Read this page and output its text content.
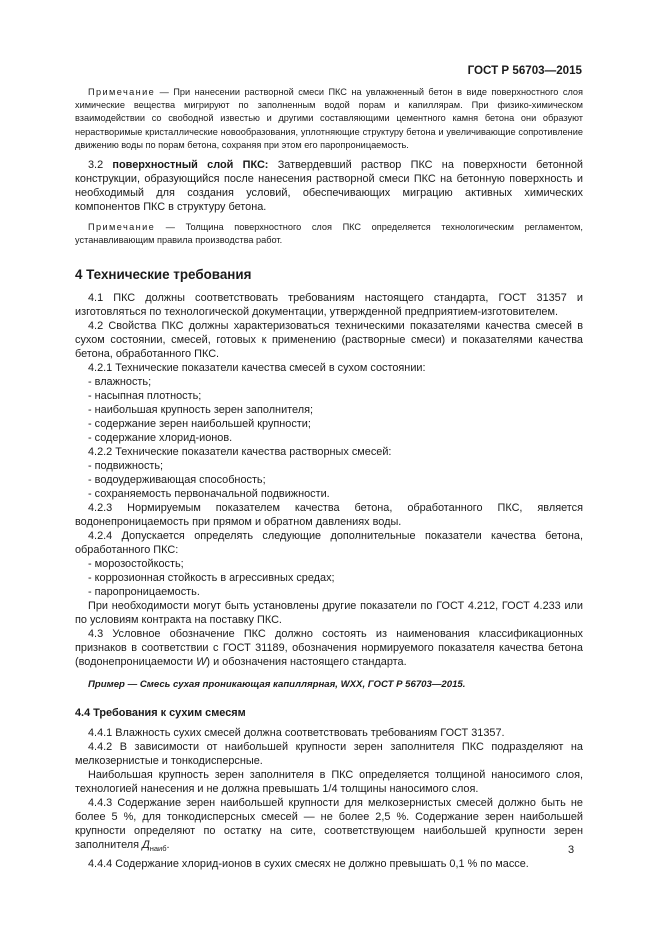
ГОСТ Р 56703—2015

Примечание — При нанесении растворной смеси ПКС на увлажненный бетон в виде поверхностного слоя химические вещества мигрируют по заполненным водой порам и капиллярам. При физико-химическом взаимодействии со свободной известью и другими составляющими цементного камня бетона они образуют нерастворимые кристаллические новообразования, уплотняющие структуру бетона и увеличивающие сопротивление движению воды по порам бетона, сохраняя при этом его паропроницаемость.

3.2 поверхностный слой ПКС: Затвердевший раствор ПКС на поверхности бетонной конструкции, образующийся после нанесения растворной смеси ПКС на бетонную поверхность и необходимый для создания условий, обеспечивающих миграцию активных химических компонентов ПКС в структуру бетона.

Примечание — Толщина поверхностного слоя ПКС определяется технологическим регламентом, устанавливающим правила производства работ.

4 Технические требования

4.1 ПКС должны соответствовать требованиям настоящего стандарта, ГОСТ 31357 и изготовляться по технологической документации, утвержденной предприятием-изготовителем.

4.2 Свойства ПКС должны характеризоваться техническими показателями качества смесей в сухом состоянии, смесей, готовых к применению (растворные смеси) и показателями качества бетона, обработанного ПКС.

4.2.1 Технические показатели качества смесей в сухом состоянии:

- влажность;

- насыпная плотность;

- наибольшая крупность зерен заполнителя;

- содержание зерен наибольшей крупности;

- содержание хлорид-ионов.

4.2.2 Технические показатели качества растворных смесей:

- подвижность;

- водоудерживающая способность;

- сохраняемость первоначальной подвижности.

4.2.3 Нормируемым показателем качества бетона, обработанного ПКС, является водонепроницаемость при прямом и обратном давлениях воды.

4.2.4 Допускается определять следующие дополнительные показатели качества бетона, обработанного ПКС:

- морозостойкость;

- коррозионная стойкость в агрессивных средах;

- паропроницаемость.

При необходимости могут быть установлены другие показатели по ГОСТ 4.212, ГОСТ 4.233 или по условиям контракта на поставку ПКС.

4.3 Условное обозначение ПКС должно состоять из наименования классификационных признаков в соответствии с ГОСТ 31189, обозначения нормируемого показателя качества бетона (водонепроницаемости W) и обозначения настоящего стандарта.

Пример — Смесь сухая проникающая капиллярная, WXX, ГОСТ Р 56703—2015.

4.4 Требования к сухим смесям

4.4.1 Влажность сухих смесей должна соответствовать требованиям ГОСТ 31357.

4.4.2 В зависимости от наибольшей крупности зерен заполнителя ПКС подразделяют на мелкозернистые и тонкодисперсные.

Наибольшая крупность зерен заполнителя в ПКС определяется толщиной наносимого слоя, технологией нанесения и не должна превышать 1/4 толщины наносимого слоя.

4.4.3 Содержание зерен наибольшей крупности для мелкозернистых смесей должно быть не более 5 %, для тонкодисперсных смесей — не более 2,5 %. Содержание зерен наибольшей крупности определяют по остатку на сите, соответствующем наибольшей крупности зерен заполнителя $Д_{наиб}$.

4.4.4 Содержание хлорид-ионов в сухих смесях не должно превышать 0,1 % по массе.

3
